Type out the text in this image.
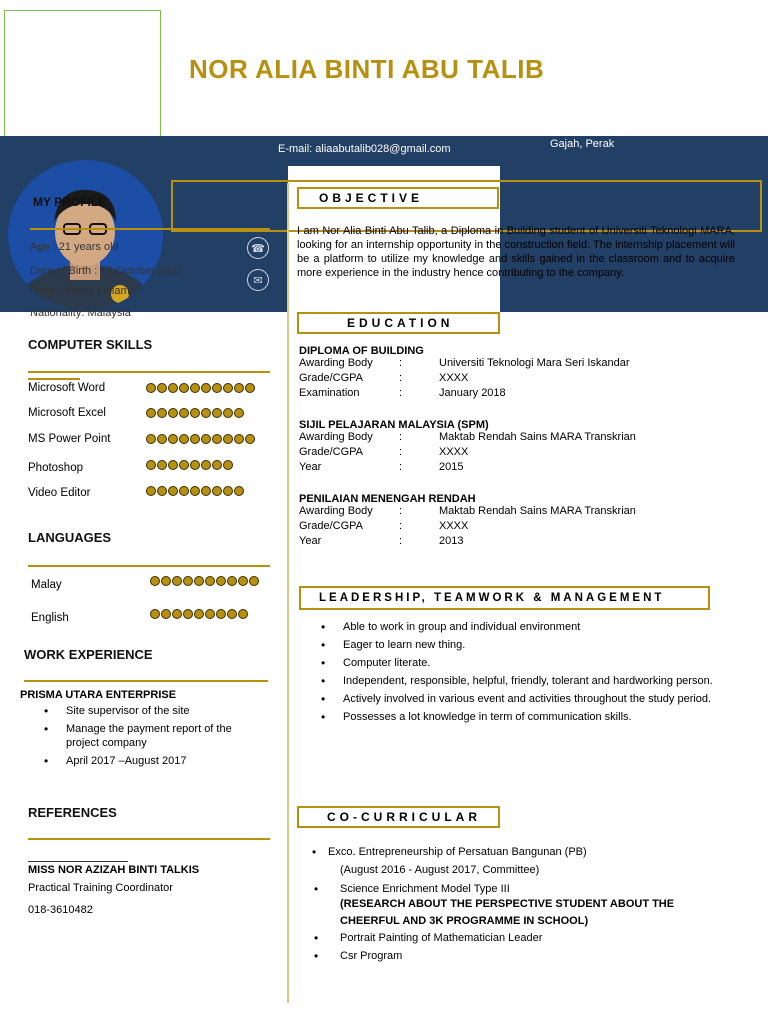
NOR ALIA BINTI ABU TALIB
E-mail: aliaabutalib028@gmail.com	Gajah, Perak
MY PROFILE
Age : 21 years old
Date of Birth : 13 October 2002
Race : Malay / Islam
Nationality: Malaysia
☎
✉
COMPUTER SKILLS
Microsoft Word
Microsoft Excel
MS Power Point
Photoshop
Video Editor
LANGUAGES
Malay
English
WORK EXPERIENCE
PRISMA UTARA ENTERPRISE
• Site supervisor of the site
• Manage the payment report of the project company
• April 2017 –August 2017
REFERENCES
MISS NOR AZIZAH BINTI TALKIS
Practical Training Coordinator
018-3610482
OBJECTIVE
I am Nor Alia Binti Abu Talib, a Diploma in Building student of Universiti Teknologi MARA, looking for an internship opportunity in the construction field. The internship placement will be a platform to utilize my knowledge and skills gained in the classroom and to acquire more experience in the industry hence contributing to the company.
EDUCATION
DIPLOMA OF BUILDING
Awarding Body :	Universiti Teknologi Mara Seri Iskandar
Grade/CGPA	:	XXXX
Examination	:	January 2018
SIJIL PELAJARAN MALAYSIA (SPM)
Awarding Body :	Maktab Rendah Sains MARA Transkrian
Grade/CGPA	:	XXXX
Year	:	2015
PENILAIAN MENENGAH RENDAH
Awarding Body :	Maktab Rendah Sains MARA Transkrian
Grade/CGPA	:	XXXX
Year	:	2013
LEADERSHIP, TEAMWORK & MANAGEMENT
• Able to work in group and individual environment
• Eager to learn new thing.
• Computer literate.
• Independent, responsible, helpful, friendly, tolerant and hardworking person.
• Actively involved in various event and activities throughout the study period.
• Possesses a lot knowledge in term of communication skills.
CO-CURRICULAR
• Exco. Entrepreneurship of Persatuan Bangunan (PB)
(August 2016 - August 2017, Committee)
• Science Enrichment Model Type III
(RESEARCH ABOUT THE PERSPECTIVE STUDENT ABOUT THE CHEERFUL AND 3K PROGRAMME IN SCHOOL)
• Portrait Painting of Mathematician Leader
• Csr Program
